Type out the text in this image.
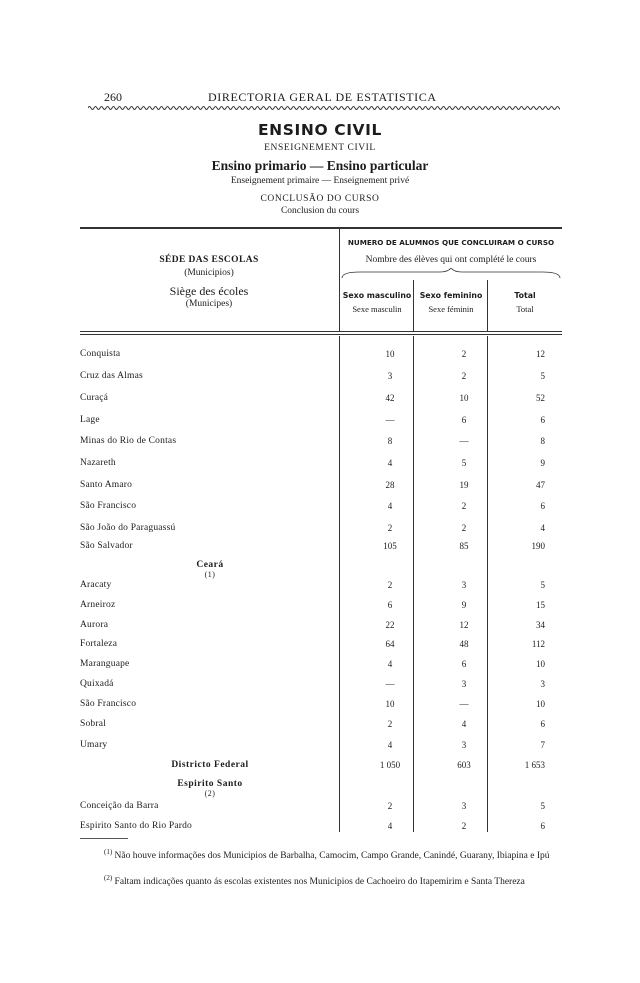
260	DIRECTORIA GERAL DE ESTATISTICA
ENSINO CIVIL
ENSEIGNEMENT CIVIL
Ensino primario — Ensino particular
Enseignement primaire — Enseignement privé
CONCLUSÃO DO CURSO
Conclusion du cours
SÉDE DAS ESCOLAS
(Municipios)
Siège des écoles
(Municipes)
NUMERO DE ALUMNOS QUE CONCLUIRAM O CURSO
Nombre des élèves qui ont complété le cours
Sexo masculino
Sexe masculin
Sexo feminino
Sexe féminin
Total
Total
Conquista	10	2	12
Cruz das Almas	3	2	5
Curaçá	42	10	52
Lage	—	6	6
Minas do Rio de Contas	8	—	8
Nazareth	4	5	9
Santo Amaro	28	19	47
São Francisco	4	2	6
São João do Paraguassú	2	2	4
São Salvador	105	85	190
Ceará
$^{(1)}$
Aracaty	2	3	5
Arneiroz	6	9	15
Aurora	22	12	34
Fortaleza	64	48	112
Maranguape	4	6	10
Quixadá	—	3	3
São Francisco	10	—	10
Sobral	2	4	6
Umary	4	3	7
Districto Federal	1 050	603	1 653
Espirito Santo
$^{(2)}$
Conceição da Barra	2	3	5
Espirito Santo do Rio Pardo	4	2	6
$^{(1)}$ Não houve informações dos Municipios de Barbalha, Camocim, Campo Grande, Canindé, Guarany, Ibiapina e Ipú
$^{(2)}$ Faltam indicações quanto ás escolas existentes nos Municipios de Cachoeiro do Itapemirim e Santa Thereza
